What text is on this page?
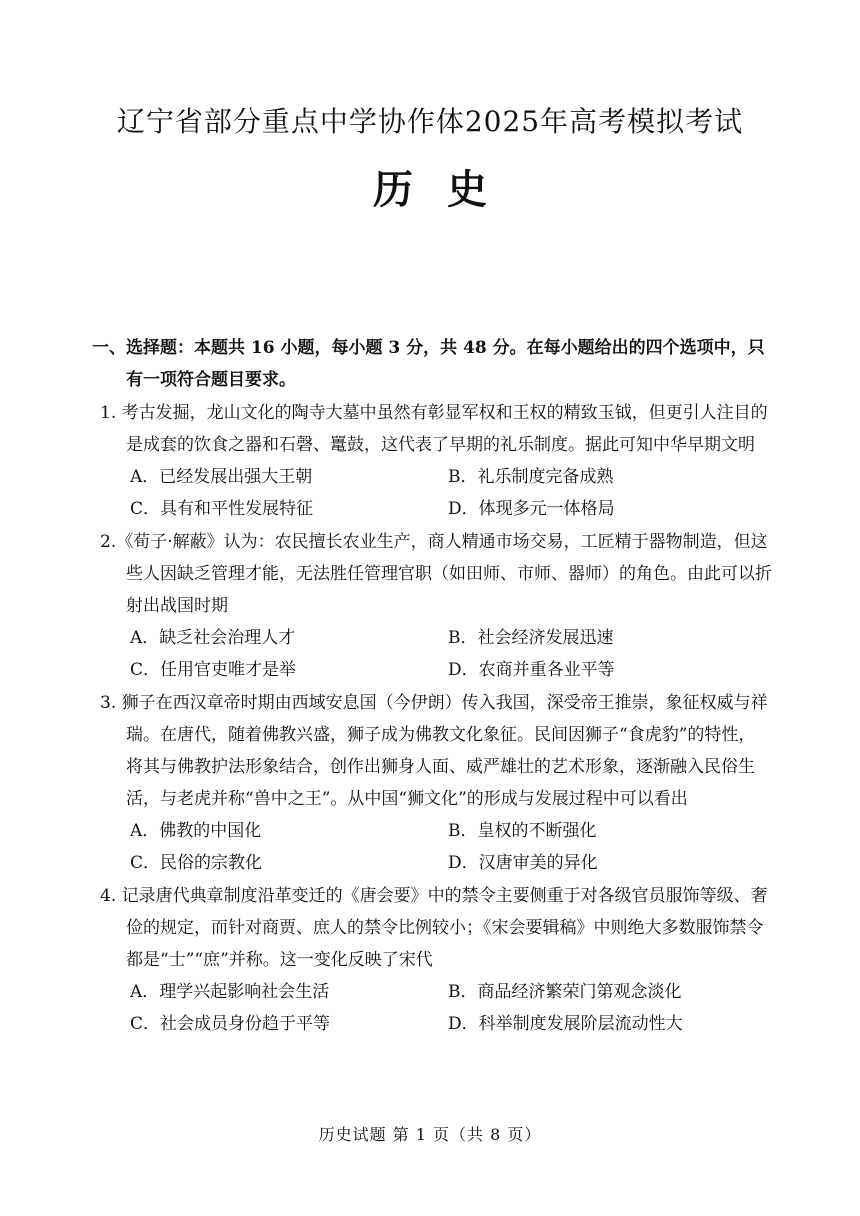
辽宁省部分重点中学协作体2025年高考模拟考试
历史
一、选择题：本题共 16 小题，每小题 3 分，共 48 分。在每小题给出的四个选项中，只有一项符合题目要求。
1. 考古发掘，龙山文化的陶寺大墓中虽然有彰显军权和王权的精致玉钺，但更引人注目的是成套的饮食之器和石磬、鼍鼓，这代表了早期的礼乐制度。据此可知中华早期文明
A．已经发展出强大王朝	B．礼乐制度完备成熟
C．具有和平性发展特征	D．体现多元一体格局
2.《荀子·解蔽》认为：农民擅长农业生产，商人精通市场交易，工匠精于器物制造，但这些人因缺乏管理才能，无法胜任管理官职（如田师、市师、器师）的角色。由此可以折射出战国时期
A．缺乏社会治理人才	B．社会经济发展迅速
C．任用官吏唯才是举	D．农商并重各业平等
3. 狮子在西汉章帝时期由西域安息国（今伊朗）传入我国，深受帝王推崇，象征权威与祥瑞。在唐代，随着佛教兴盛，狮子成为佛教文化象征。民间因狮子“食虎豹”的特性，将其与佛教护法形象结合，创作出狮身人面、威严雄壮的艺术形象，逐渐融入民俗生活，与老虎并称“兽中之王”。从中国“狮文化”的形成与发展过程中可以看出
A．佛教的中国化	B．皇权的不断强化
C．民俗的宗教化	D．汉唐审美的异化
4. 记录唐代典章制度沿革变迁的《唐会要》中的禁令主要侧重于对各级官员服饰等级、奢俭的规定，而针对商贾、庶人的禁令比例较小；《宋会要辑稿》中则绝大多数服饰禁令都是“士”“庶”并称。这一变化反映了宋代
A．理学兴起影响社会生活	B．商品经济繁荣门第观念淡化
C．社会成员身份趋于平等	D．科举制度发展阶层流动性大
历史试题 第 1 页（共 8 页）
